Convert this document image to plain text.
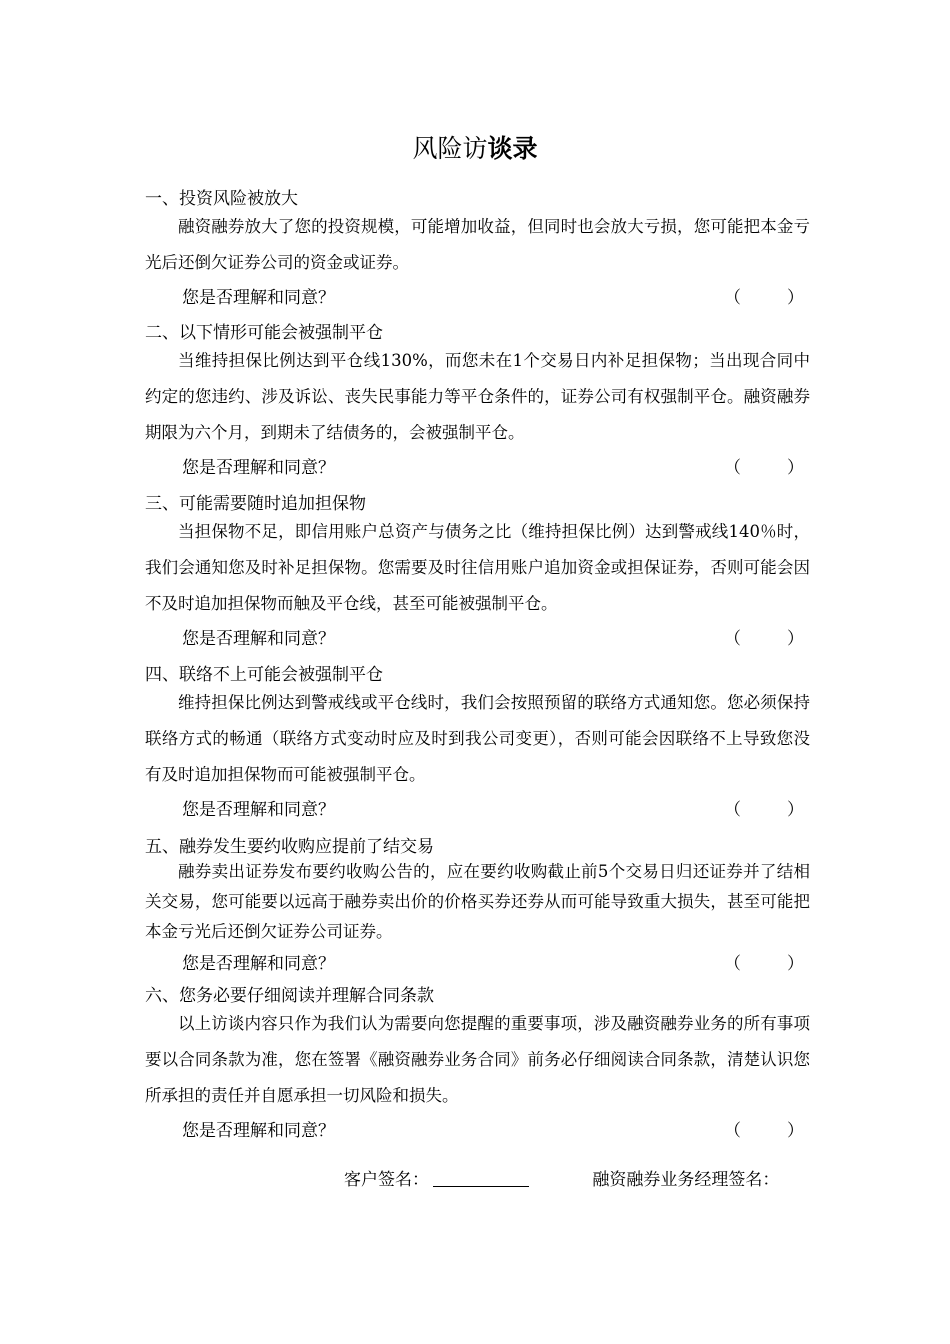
风险访谈录
一、投资风险被放大
融资融券放大了您的投资规模，可能增加收益，但同时也会放大亏损，您可能把本金亏光后还倒欠证券公司的资金或证券。
您是否理解和同意？	（	）
二、以下情形可能会被强制平仓
当维持担保比例达到平仓线130%，而您未在1个交易日内补足担保物；当出现合同中约定的您违约、涉及诉讼、丧失民事能力等平仓条件的，证券公司有权强制平仓。融资融券期限为六个月，到期未了结债务的，会被强制平仓。
您是否理解和同意？	（	）
三、可能需要随时追加担保物
当担保物不足，即信用账户总资产与债务之比（维持担保比例）达到警戒线140％时，我们会通知您及时补足担保物。您需要及时往信用账户追加资金或担保证券，否则可能会因不及时追加担保物而触及平仓线，甚至可能被强制平仓。
您是否理解和同意？	（	）
四、联络不上可能会被强制平仓
维持担保比例达到警戒线或平仓线时，我们会按照预留的联络方式通知您。您必须保持联络方式的畅通（联络方式变动时应及时到我公司变更），否则可能会因联络不上导致您没有及时追加担保物而可能被强制平仓。
您是否理解和同意？	（	）
五、融券发生要约收购应提前了结交易
融券卖出证券发布要约收购公告的，应在要约收购截止前5个交易日归还证券并了结相关交易，您可能要以远高于融券卖出价的价格买券还券从而可能导致重大损失，甚至可能把本金亏光后还倒欠证券公司证券。
您是否理解和同意？	（	）
六、您务必要仔细阅读并理解合同条款
以上访谈内容只作为我们认为需要向您提醒的重要事项，涉及融资融券业务的所有事项要以合同条款为准，您在签署《融资融券业务合同》前务必仔细阅读合同条款，清楚认识您所承担的责任并自愿承担一切风险和损失。
您是否理解和同意？	（	）
客户签名：	融资融券业务经理签名：
